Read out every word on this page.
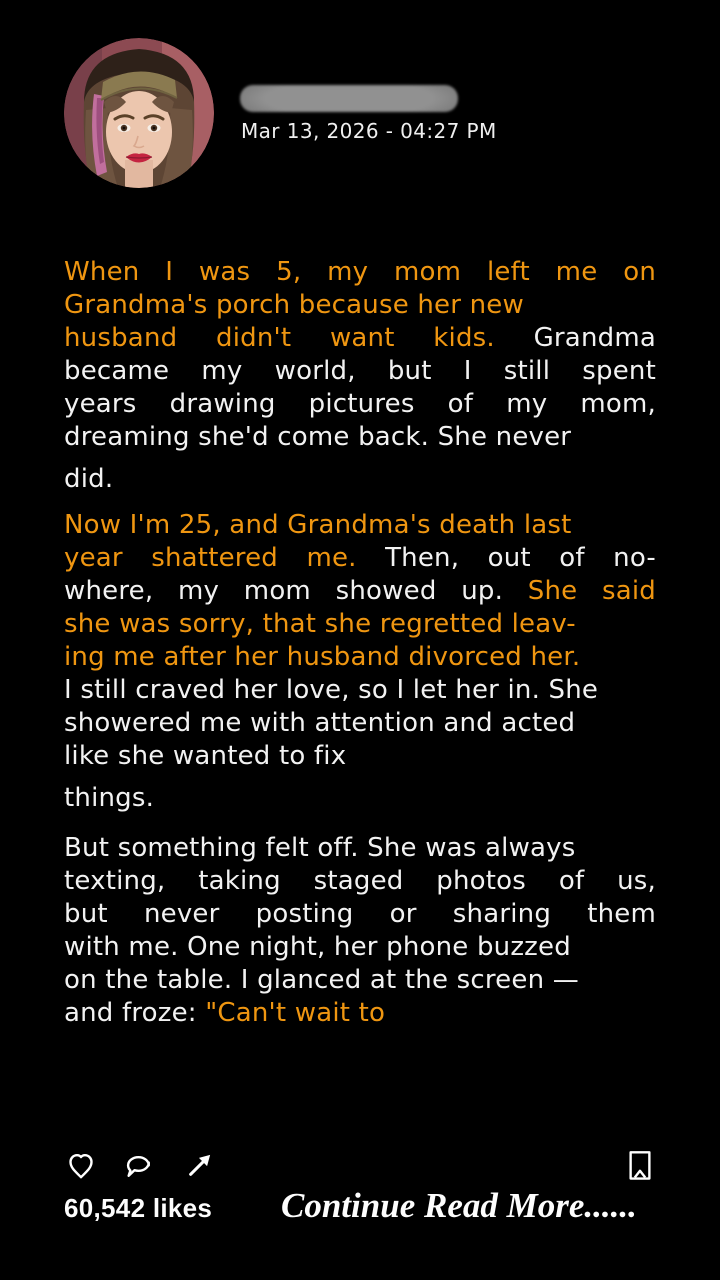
Mar 13, 2026 - 04:27 PM
When I was 5, my mom left me on
Grandma's porch because her new
husband didn't want kids. Grandma
became my world, but I still spent
years drawing pictures of my mom,
dreaming she'd come back. She never
did.
Now I'm 25, and Grandma's death last
year shattered me. Then, out of no-
where, my mom showed up. She said
she was sorry, that she regretted leav-
ing me after her husband divorced her.
I still craved her love, so I let her in. She
showered me with attention and acted
like she wanted to fix
things.
But something felt off. She was always
texting, taking staged photos of us,
but never posting or sharing them
with me. One night, her phone buzzed
on the table. I glanced at the screen —
and froze: "Can't wait to
60,542 likes Continue Read More......
